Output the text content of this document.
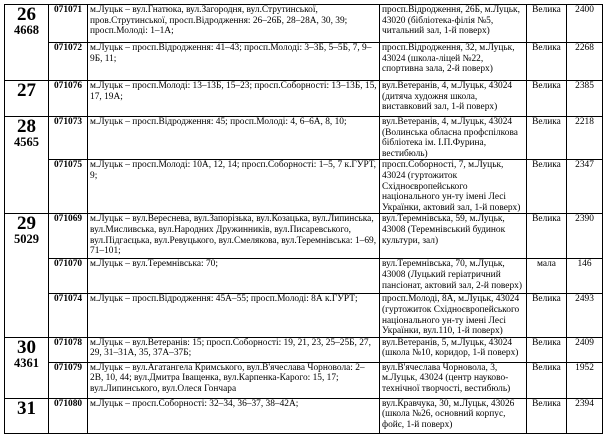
26
4668	071071	м.Луцьк – вул.Гнатюка, вул.Загородня, вул.Струтинської, пров.Струтинської, просп.Відродження: 26–26Б, 28–28А, 30, 39; просп.Молоді: 1–1А;	просп.Відродження, 26Б, м.Луцьк, 43020 (бібліотека-філія №5, читальний зал, 1-й поверх)	Велика	2400
	071072	м.Луцьк – просп.Відродження: 41–43; просп.Молоді: 3–3Б, 5–5Б, 7, 9–9Б, 11;	просп.Відродження, 32, м.Луцьк, 43024 (школа-ліцей №22, спортивна зала, 2-й поверх)	Велика	2268

27	071076	м.Луцьк – просп.Молоді: 13–13Б, 15–23; просп.Соборності: 13–13Б, 15, 17, 19А;	вул.Ветеранів, 4, м.Луцьк, 43024 (дитяча художня школа, виставковий зал, 1-й поверх)	Велика	2385

28
4565	071073	м.Луцьк – просп.Відродження: 45; просп.Молоді: 4, 6–6А, 8, 10;	вул.Ветеранів, 4, м.Луцьк, 43024 (Волинська обласна профспілкова бібліотека ім. І.П.Фурина, вестибюль)	Велика	2218
	071075	м.Луцьк – просп.Молоді: 10А, 12, 14; просп.Соборності: 1–5, 7 к.ГУРТ, 9;	просп.Соборності, 7, м.Луцьк, 43024 (гуртожиток Східноєвропейського національного ун-ту імені Лесі Українки, актовий зал, 1-й поверх)	Велика	2347

29
5029	071069	м.Луцьк – вул.Вересневa, вул.Запорізька, вул.Козацька, вул.Липинська, вул.Мисливська, вул.Народних Дружинників, вул.Писаревського, вул.Підгаєцька, вул.Ревуцького, вул.Смелякова, вул.Теремнівська: 1–69, 71–101;	вул.Теремнівська, 59, м.Луцьк, 43008 (Теремнівський будинок культури, зал)	Велика	2390
	071070	м.Луцьк – вул.Теремнівська: 70;	вул.Теремнівська, 70, м.Луцьк, 43008 (Луцький геріатричний пансіонат, актовий зал, 2-й поверх)	мала	146
	071074	м.Луцьк – просп.Відродження: 45А–55; просп.Молоді: 8А к.ГУРТ;	просп.Молоді, 8А, м.Луцьк, 43024 (гуртожиток Східноєвропейського національного ун-ту імені Лесі Українки, вул.110, 1-й поверх)	Велика	2493

30
4361	071078	м.Луцьк – вул.Ветеранів: 15; просп.Соборності: 19, 21, 23, 25–25Б, 27, 29, 31–31А, 35, 37А–37Б;	вул.Ветеранів, 5, м.Луцьк, 43024 (школа №10, коридор, 1-й поверх)	Велика	2409
	071079	м.Луцьк – вул.Агатангела Кримського, вул.В'ячеслава Чорновола: 2–2В, 10, 44; вул.Дмитра Іващенка, вул.Карпенка-Карого: 15, 17; вул.Липинського, вул.Олеся Гончара	вул.В'ячеслава Чорновола, 3, м.Луцьк, 43024 (центр науково-технічної творчості, вестибюль)	Велика	1952

31	071080	м.Луцьк – просп.Соборності: 32–34, 36–37, 38–42А;	вул.Кравчука, 30, м.Луцьк, 43026 (школа №26, основний корпус, фойє, 1-й поверх)	Велика	2394
